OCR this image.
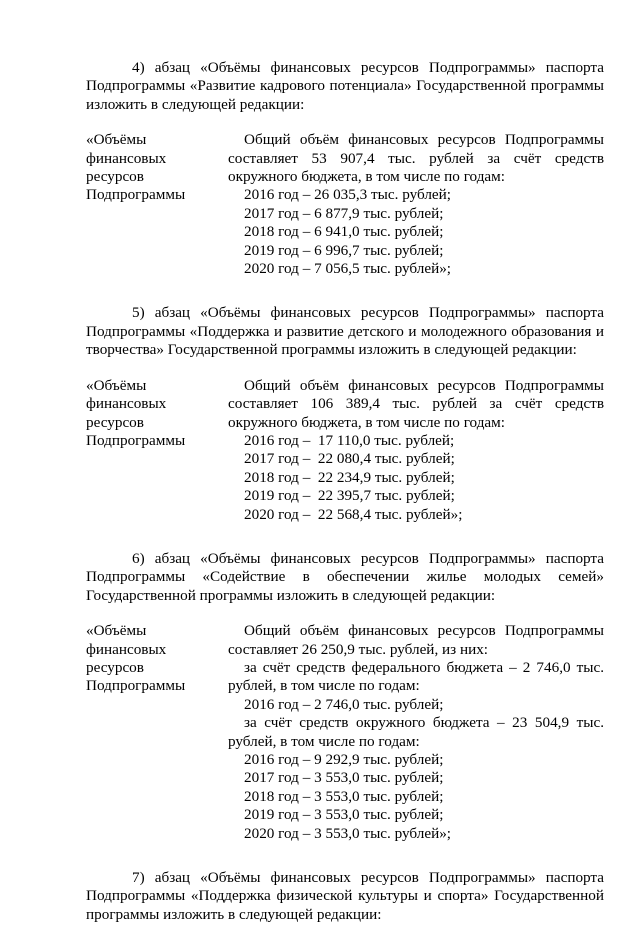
4) абзац «Объёмы финансовых ресурсов Подпрограммы» паспорта Подпрограммы «Развитие кадрового потенциала» Государственной программы изложить в следующей редакции:
«Объёмы
финансовых
ресурсов
Подпрограммы
Общий объём финансовых ресурсов Подпрограммы
составляет 53 907,4 тыс. рублей за счёт средств
окружного бюджета, в том числе по годам:
2016 год – 26 035,3 тыс. рублей;
2017 год – 6 877,9 тыс. рублей;
2018 год – 6 941,0 тыс. рублей;
2019 год – 6 996,7 тыс. рублей;
2020 год – 7 056,5 тыс. рублей»;
5) абзац «Объёмы финансовых ресурсов Подпрограммы» паспорта Подпрограммы «Поддержка и развитие детского и молодежного образования и творчества» Государственной программы изложить в следующей редакции:
«Объёмы
финансовых
ресурсов
Подпрограммы
Общий объём финансовых ресурсов Подпрограммы
составляет 106 389,4 тыс. рублей за счёт средств
окружного бюджета, в том числе по годам:
2016 год –  17 110,0 тыс. рублей;
2017 год –  22 080,4 тыс. рублей;
2018 год –  22 234,9 тыс. рублей;
2019 год –  22 395,7 тыс. рублей;
2020 год –  22 568,4 тыс. рублей»;
6) абзац «Объёмы финансовых ресурсов Подпрограммы» паспорта Подпрограммы «Содействие в обеспечении жилье молодых семей» Государственной программы изложить в следующей редакции:
«Объёмы
финансовых
ресурсов
Подпрограммы
Общий объём финансовых ресурсов Подпрограммы
составляет 26 250,9 тыс. рублей, из них:
за счёт средств федерального бюджета – 2 746,0 тыс.
рублей, в том числе по годам:
2016 год – 2 746,0 тыс. рублей;
за счёт средств окружного бюджета – 23 504,9 тыс.
рублей, в том числе по годам:
2016 год – 9 292,9 тыс. рублей;
2017 год – 3 553,0 тыс. рублей;
2018 год – 3 553,0 тыс. рублей;
2019 год – 3 553,0 тыс. рублей;
2020 год – 3 553,0 тыс. рублей»;
7) абзац «Объёмы финансовых ресурсов Подпрограммы» паспорта Подпрограммы «Поддержка физической культуры и спорта» Государственной программы изложить в следующей редакции:
